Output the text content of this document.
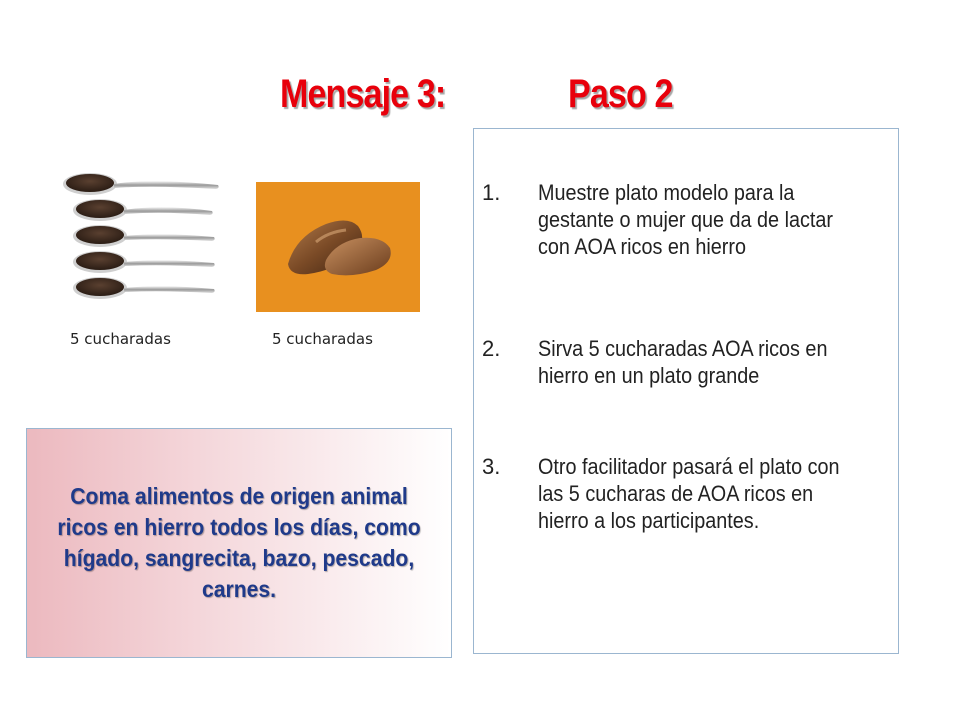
Mensaje 3:	Paso 2
5 cucharadas	5 cucharadas
Coma alimentos de origen animal ricos en hierro todos los días, como hígado, sangrecita, bazo, pescado, carnes.
1. Muestre plato modelo para la gestante o mujer que da de lactar con AOA ricos en hierro
2. Sirva 5 cucharadas AOA ricos en hierro en un plato grande
3. Otro facilitador pasará el plato con las 5 cucharas de AOA ricos en hierro a los participantes.
